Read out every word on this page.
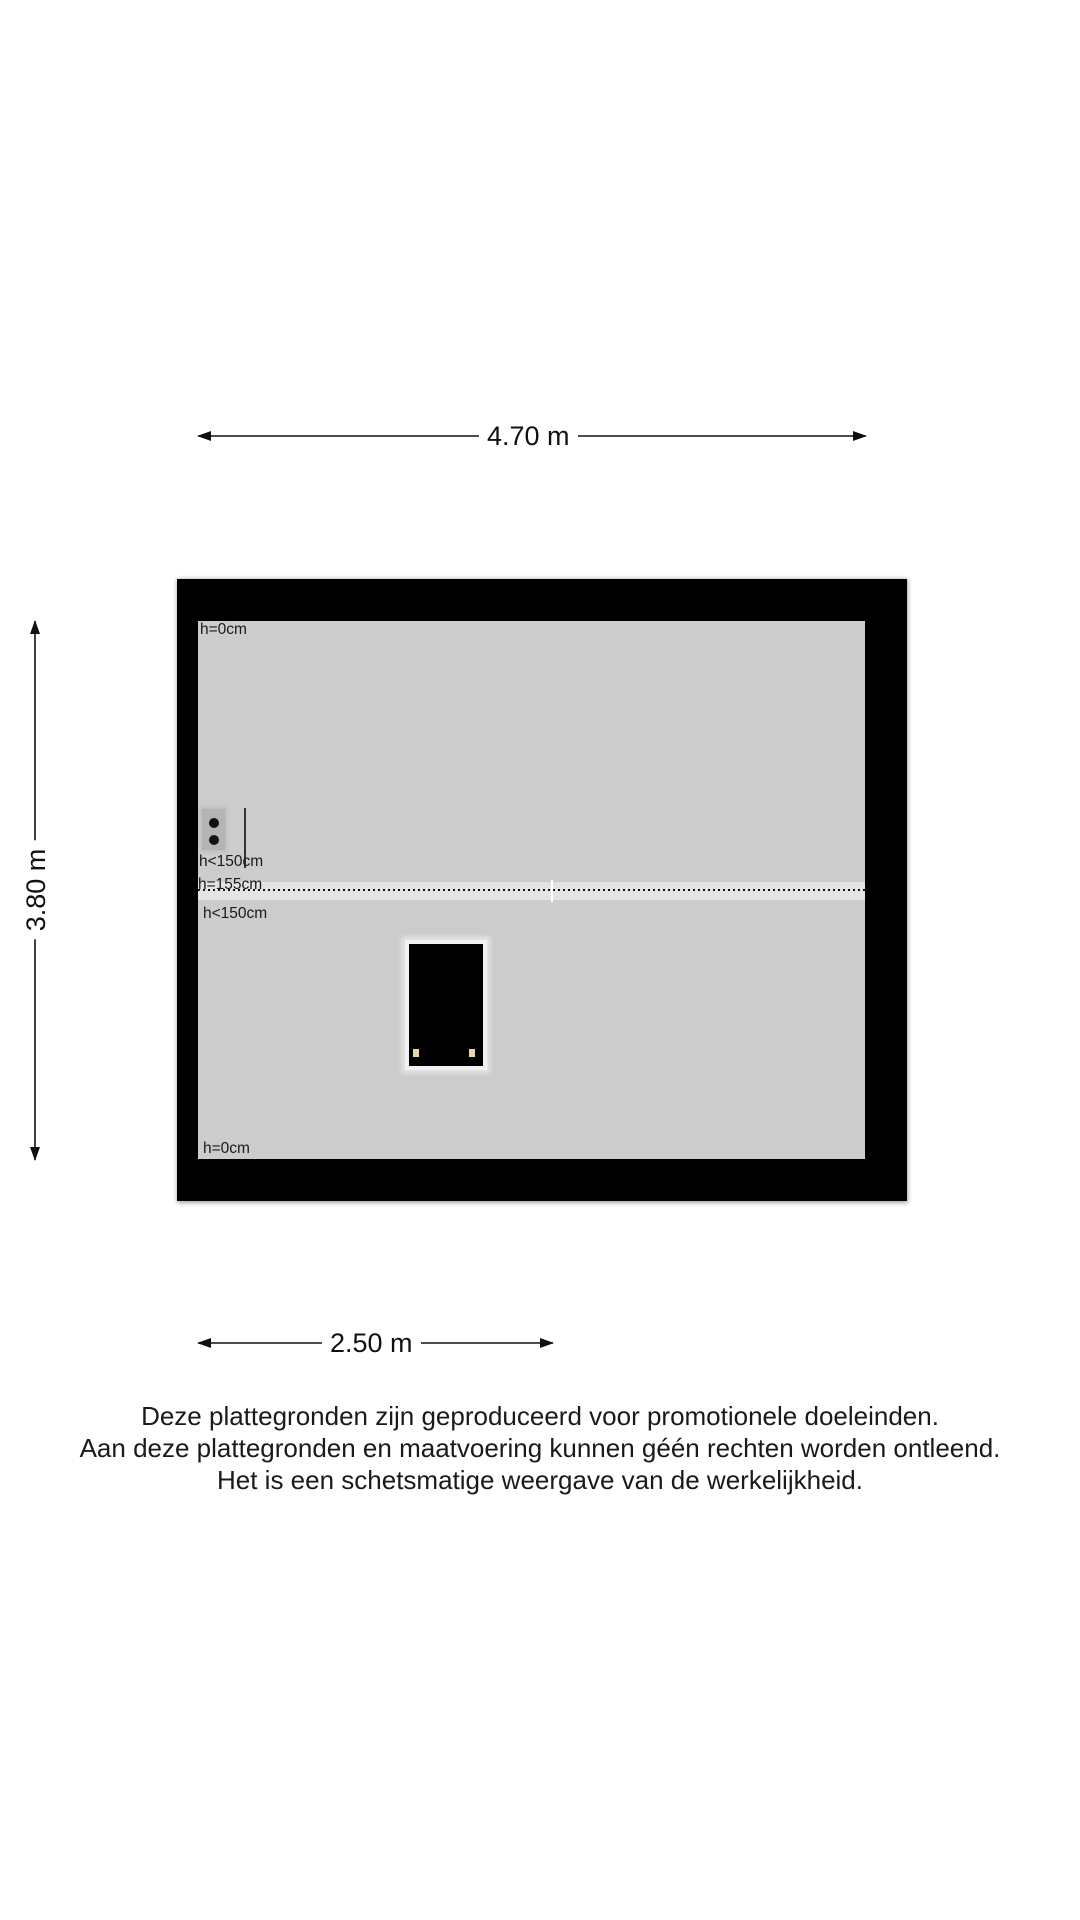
4.70 m
2.50 m
3.80 m
h=0cm
h<150cm
h=155cm
h<150cm
h=0cm
Deze plattegronden zijn geproduceerd voor promotionele doeleinden.
Aan deze plattegronden en maatvoering kunnen géén rechten worden ontleend.
Het is een schetsmatige weergave van de werkelijkheid.
